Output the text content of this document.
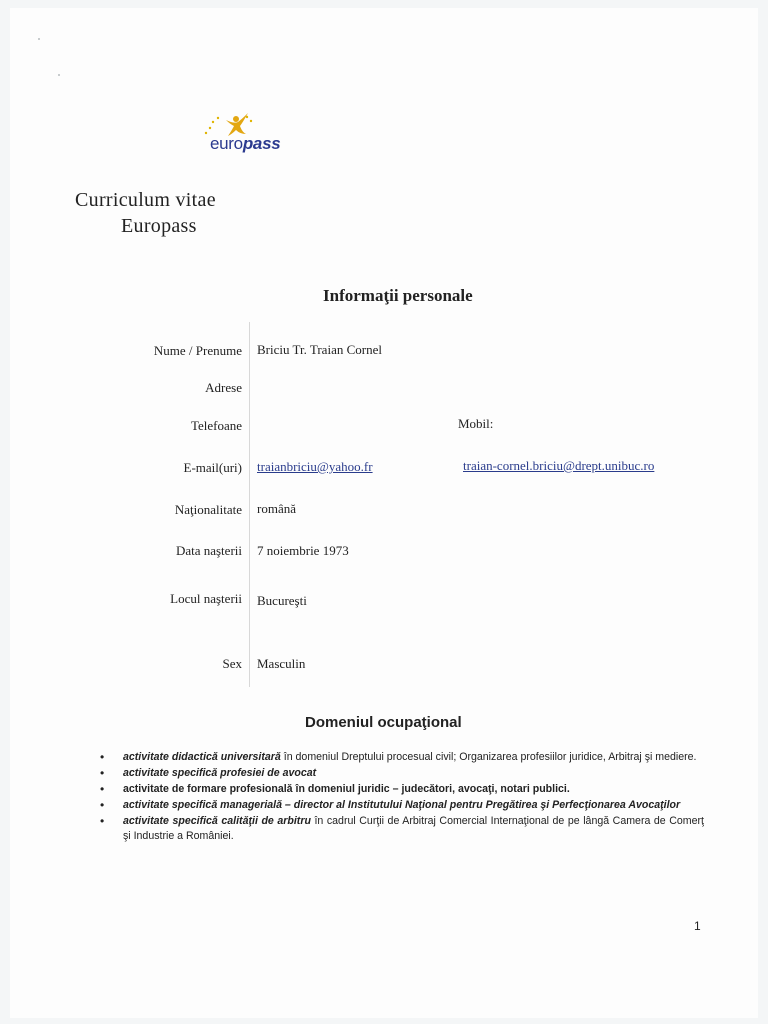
europass
Curriculum vitae
Europass
Informaţii personale
Nume / Prenume Briciu Tr. Traian Cornel
Adrese
Telefoane	Mobil:
E-mail(uri) traianbriciu@yahoo.fr	traian-cornel.briciu@drept.unibuc.ro
Naţionalitate română
Data naşterii 7 noiembrie 1973
Locul naşterii Bucureşti
Sex Masculin
Domeniul ocupaţional
• activitate didactică universitară în domeniul Dreptului procesual civil; Organizarea profesiilor juridice, Arbitraj şi mediere.
• activitate specifică profesiei de avocat
• activitate de formare profesională în domeniul juridic – judecători, avocaţi, notari publici.
• activitate specifică managerială – director al Institutului Naţional pentru Pregătirea şi Perfecţionarea Avocaţilor
• activitate specifică calităţii de arbitru în cadrul Curţii de Arbitraj Comercial Internaţional de pe lângă Camera de Comerţ şi Industrie a României.
1
